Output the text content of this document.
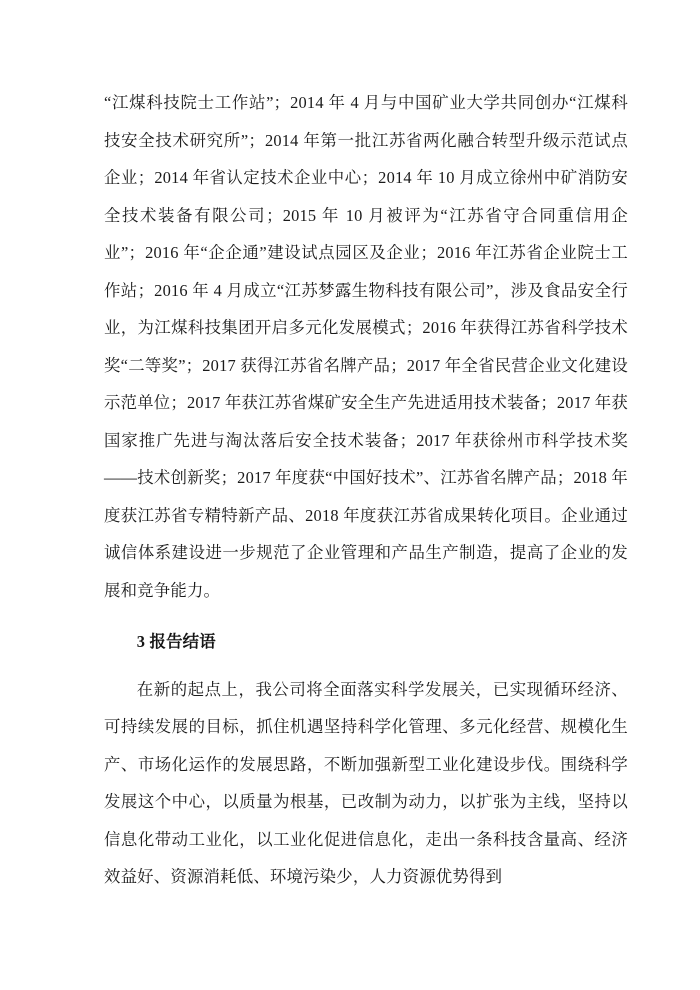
“江煤科技院士工作站”；2014 年 4 月与中国矿业大学共同创办“江煤科技安全技术研究所”；2014 年第一批江苏省两化融合转型升级示范试点企业；2014 年省认定技术企业中心；2014 年 10 月成立徐州中矿消防安全技术装备有限公司；2015 年 10 月被评为“江苏省守合同重信用企业”；2016 年“企企通”建设试点园区及企业；2016 年江苏省企业院士工作站；2016 年 4 月成立“江苏梦露生物科技有限公司”，涉及食品安全行业，为江煤科技集团开启多元化发展模式；2016 年获得江苏省科学技术奖“二等奖”；2017 获得江苏省名牌产品；2017 年全省民营企业文化建设示范单位；2017 年获江苏省煤矿安全生产先进适用技术装备；2017 年获国家推广先进与淘汰落后安全技术装备；2017 年获徐州市科学技术奖——技术创新奖；2017 年度获“中国好技术”、江苏省名牌产品；2018 年度获江苏省专精特新产品、2018 年度获江苏省成果转化项目。企业通过诚信体系建设进一步规范了企业管理和产品生产制造，提高了企业的发展和竞争能力。

3 报告结语

在新的起点上，我公司将全面落实科学发展关，已实现循环经济、可持续发展的目标，抓住机遇坚持科学化管理、多元化经营、规模化生产、市场化运作的发展思路，不断加强新型工业化建设步伐。围绕科学发展这个中心，以质量为根基，已改制为动力，以扩张为主线，坚持以信息化带动工业化，以工业化促进信息化，走出一条科技含量高、经济效益好、资源消耗低、环境污染少，人力资源优势得到
